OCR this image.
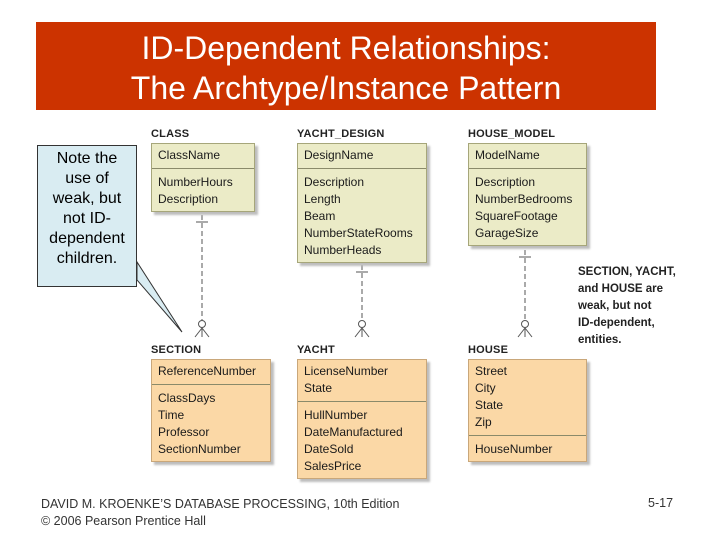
ID-Dependent Relationships:
The Archtype/Instance Pattern
Note the
use of
weak, but
not ID-
dependent
children.
CLASS
ClassName
NumberHours
Description
YACHT_DESIGN
DesignName
Description
Length
Beam
NumberStateRooms
NumberHeads
HOUSE_MODEL
ModelName
Description
NumberBedrooms
SquareFootage
GarageSize
SECTION
ReferenceNumber
ClassDays
Time
Professor
SectionNumber
YACHT
LicenseNumber
State
HullNumber
DateManufactured
DateSold
SalesPrice
HOUSE
Street
City
State
Zip
HouseNumber
SECTION, YACHT,
and HOUSE are
weak, but not
ID-dependent,
entities.
DAVID M. KROENKE’S DATABASE PROCESSING, 10th Edition
© 2006 Pearson Prentice Hall
5-17
